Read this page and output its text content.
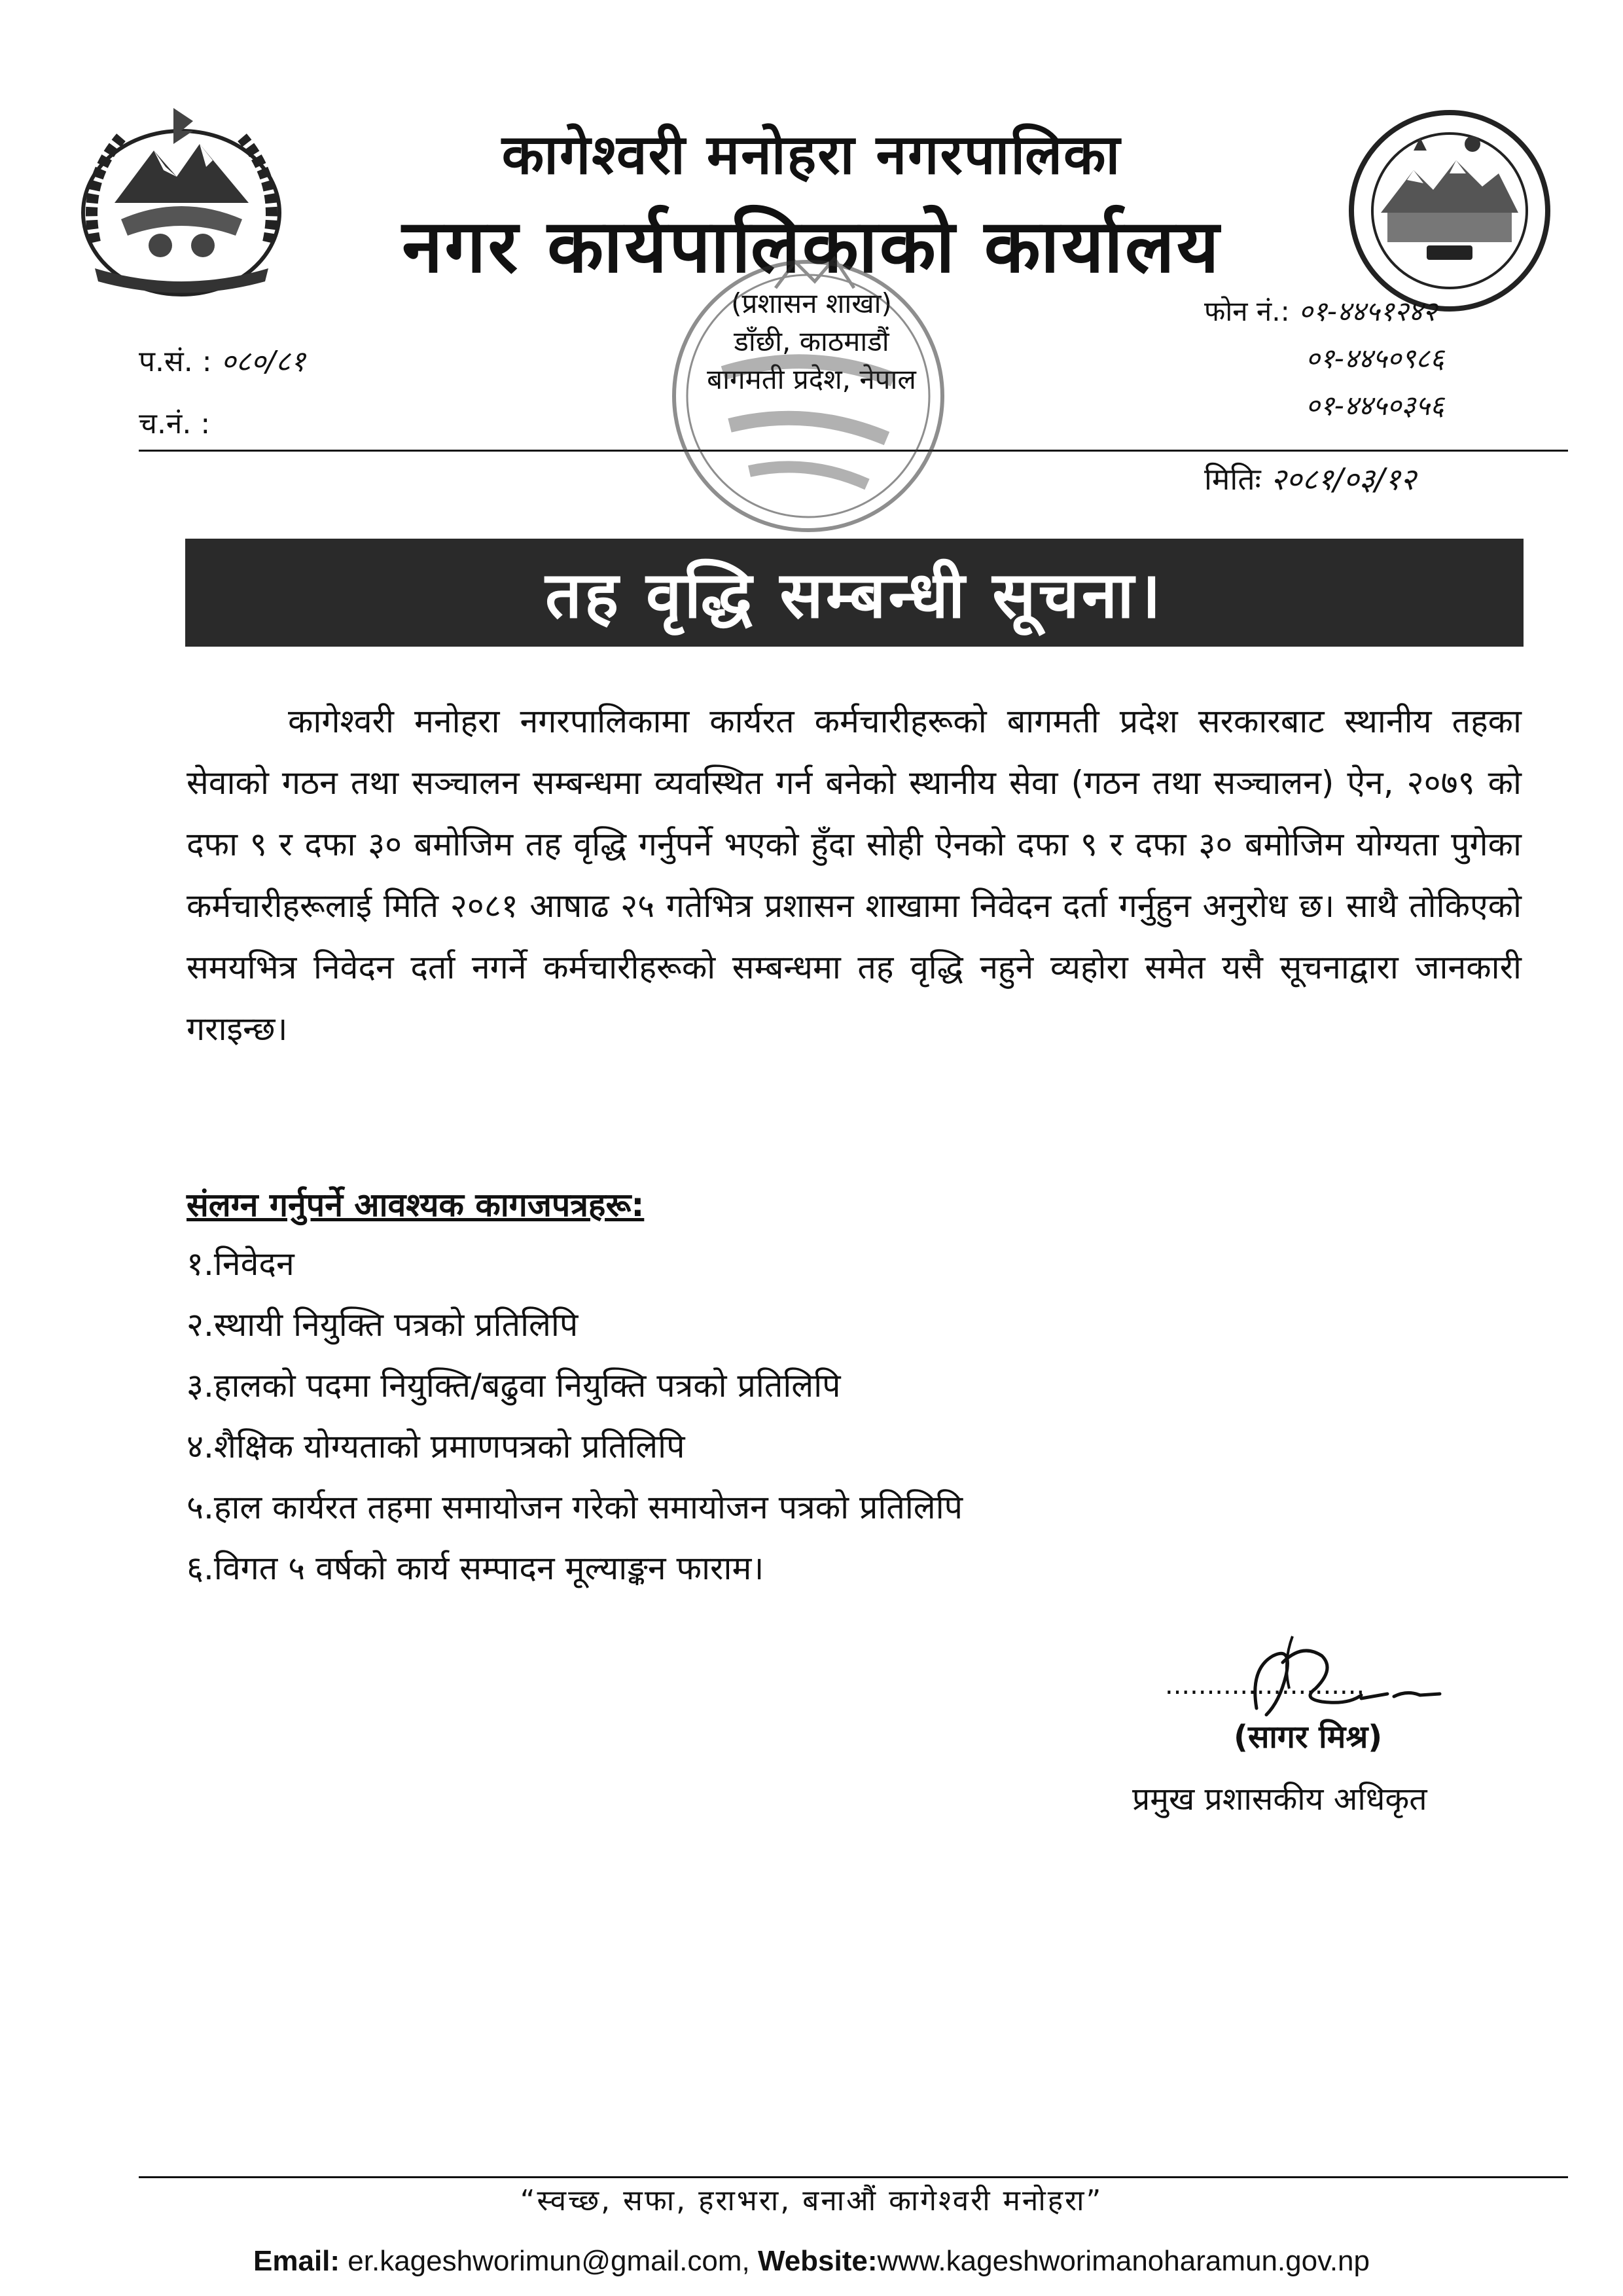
कागेश्वरी मनोहरा नगरपालिका
नगर कार्यपालिकाको कार्यालय
(प्रशासन शाखा)
डाँछी, काठमाडौं
बागमती प्रदेश, नेपाल
प.सं. : ०८०/८१
च.नं. :
फोन नं.: ०१-४४५१२४२
०१-४४५०९८६
०१-४४५०३५६
मितिः २०८१/०३/१२
तह वृद्धि सम्बन्धी सूचना।
कागेश्वरी मनोहरा नगरपालिकामा कार्यरत कर्मचारीहरूको बागमती प्रदेश सरकारबाट स्थानीय तहका सेवाको गठन तथा सञ्चालन सम्बन्धमा व्यवस्थित गर्न बनेको स्थानीय सेवा (गठन तथा सञ्चालन) ऐन, २०७९ को दफा ९ र दफा ३० बमोजिम तह वृद्धि गर्नुपर्ने भएको हुँदा सोही ऐनको दफा ९ र दफा ३० बमोजिम योग्यता पुगेका कर्मचारीहरूलाई मिति २०८१ आषाढ २५ गतेभित्र प्रशासन शाखामा निवेदन दर्ता गर्नुहुन अनुरोध छ। साथै तोकिएको समयभित्र निवेदन दर्ता नगर्ने कर्मचारीहरूको सम्बन्धमा तह वृद्धि नहुने व्यहोरा समेत यसै सूचनाद्वारा जानकारी गराइन्छ।
संलग्न गर्नुपर्ने आवश्यक कागजपत्रहरू:
१.निवेदन
२.स्थायी नियुक्ति पत्रको प्रतिलिपि
३.हालको पदमा नियुक्ति/बढुवा नियुक्ति पत्रको प्रतिलिपि
४.शैक्षिक योग्यताको प्रमाणपत्रको प्रतिलिपि
५.हाल कार्यरत तहमा समायोजन गरेको समायोजन पत्रको प्रतिलिपि
६.विगत ५ वर्षको कार्य सम्पादन मूल्याङ्कन फाराम।
........................
(सागर मिश्र)
प्रमुख प्रशासकीय अधिकृत
“स्वच्छ, सफा, हराभरा, बनाऔं कागेश्वरी मनोहरा”
Email: er.kageshworimun@gmail.com, Website:www.kageshworimanoharamun.gov.np
